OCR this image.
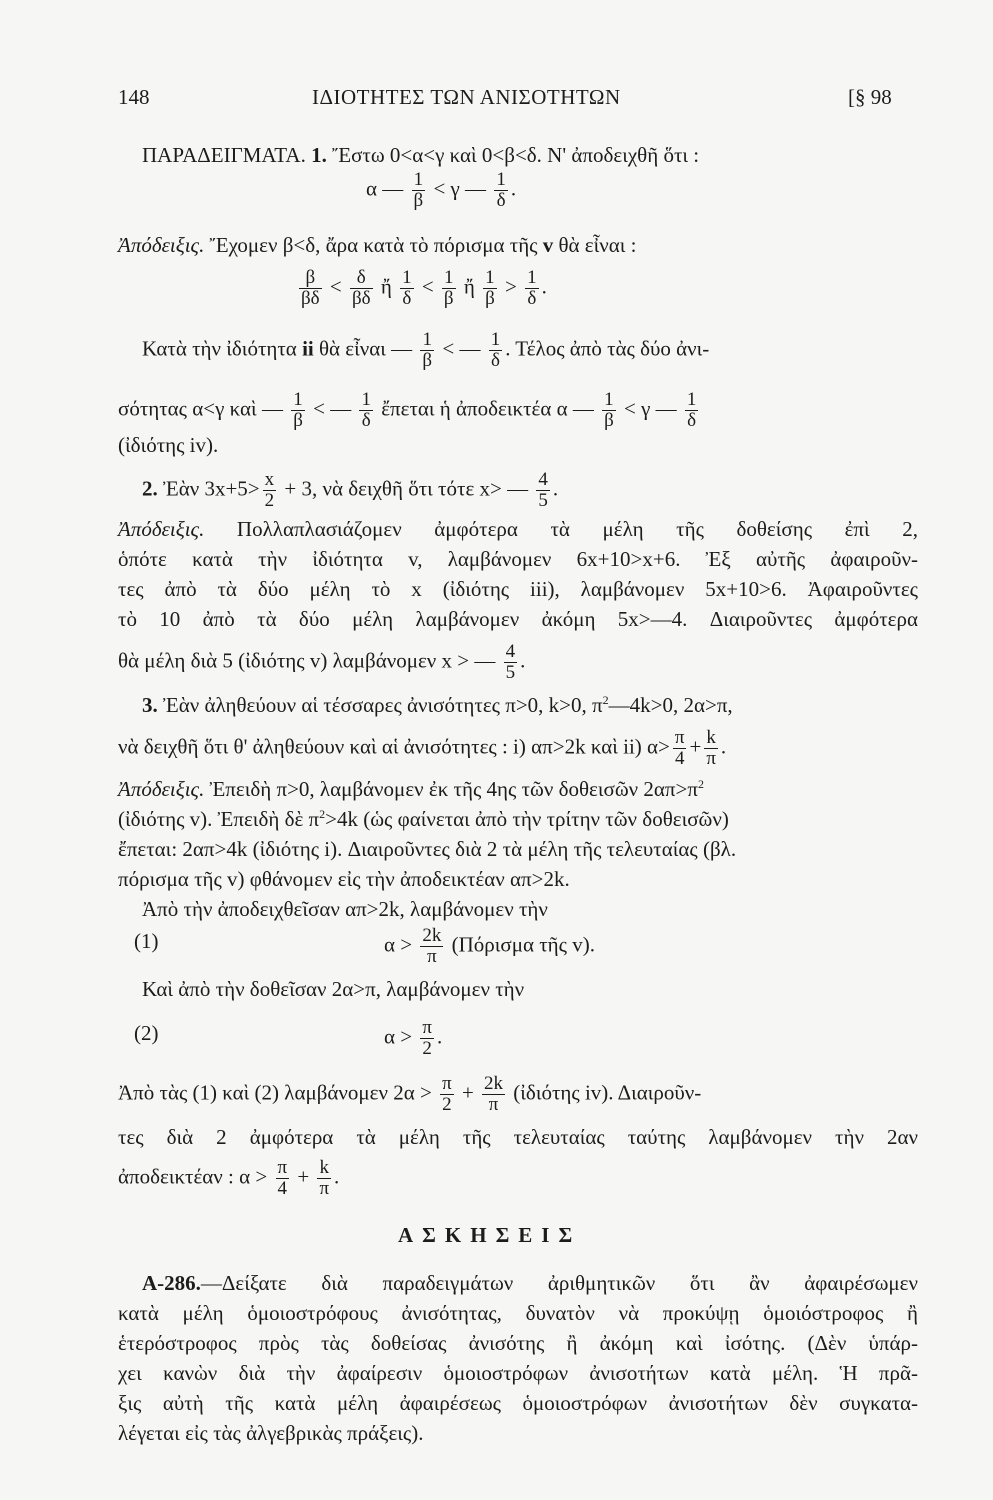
148	ΙΔΙΟΤΗΤΕΣ ΤΩΝ ΑΝΙΣΟΤΗΤΩΝ	[§ 98
ΠΑΡΑΔΕΙΓΜΑΤΑ. 1. Ἔστω 0<α<γ καὶ 0<β<δ. Ν' ἀποδειχθῆ ὅτι :
α — $\frac{1}{\beta} < \gamma$ — $\frac{1}{\delta}$ .
Ἀπόδειξις. Ἔχομεν β<δ, ἄρα κατὰ τὸ πόρισμα τῆς v θὰ εἶναι :
$\frac{\beta}{\beta\delta} < \frac{\delta}{\beta\delta}$ ἤ $\frac{1}{\delta} < \frac{1}{\beta}$ ἤ $\frac{1}{\beta} > \frac{1}{\delta}$ .
Κατὰ τὴν ἰδιότητα ii θὰ εἶναι — $\frac{1}{\beta}$ < — $\frac{1}{\delta}$ . Τέλος ἀπὸ τὰς δύο ἀνι-
σότητας α<γ καὶ — $\frac{1}{\beta}$ < — $\frac{1}{\delta}$ ἔπεται ἡ ἀποδεικτέα α — $\frac{1}{\beta} < \gamma$ — $\frac{1}{\delta}$
(ἰδιότης iv).
2. Ἐὰν $3x+5> \frac{x}{2} + 3$, νὰ δειχθῆ ὅτι τότε x> — $\frac{4}{5}$ .
Ἀπόδειξις. Πολλαπλασιάζομεν ἀμφότερα τὰ μέλη τῆς δοθείσης ἐπὶ 2,
ὁπότε κατὰ τὴν ἰδιότητα v, λαμβάνομεν 6x+10>x+6. Ἐξ αὐτῆς ἀφαιροῦν-
τες ἀπὸ τὰ δύο μέλη τὸ x (ἰδιότης iii), λαμβάνομεν 5x+10>6. Ἀφαιροῦντες
τὸ 10 ἀπὸ τὰ δύο μέλη λαμβάνομεν ἀκόμη 5x>—4. Διαιροῦντες ἀμφότερα
θὰ μέλη διὰ 5 (ἰδιότης v) λαμβάνομεν x > — $\frac{4}{5}$ .
3. Ἐὰν ἀληθεύουν αἱ τέσσαρες ἀνισότητες π>0, k>0, $\pi^2—4k>0$, 2α>π,
νὰ δειχθῆ ὅτι θ' ἀληθεύουν καὶ αἱ ἀνισότητες : i) απ>2k καὶ ii) $\alpha> \frac{\pi}{4} + \frac{k}{\pi}$ .
Ἀπόδειξις. Ἐπειδὴ π>0, λαμβάνομεν ἐκ τῆς 4ης τῶν δοθεισῶν $2\alpha\pi>\pi^2$
(ἰδιότης v). Ἐπειδὴ δὲ $\pi^2>4k$ (ὡς φαίνεται ἀπὸ τὴν τρίτην τῶν δοθεισῶν)
ἔπεται: 2απ>4k (ἰδιότης i). Διαιροῦντες διὰ 2 τὰ μέλη τῆς τελευταίας (βλ.
πόρισμα τῆς v) φθάνομεν εἰς τὴν ἀποδεικτέαν απ>2k.
Ἀπὸ τὴν ἀποδειχθεῖσαν απ>2k, λαμβάνομεν τὴν
(1)	$\alpha > \frac{2k}{\pi} (\Pi ό\rho\iota\sigma\mu\alpha$ τῆς v).
Καὶ ἀπὸ τὴν δοθεῖσαν 2α>π, λαμβάνομεν τὴν
(2)	$\alpha > \frac{\pi}{2}$ .
Ἀπὸ τὰς (1) καὶ (2) λαμβάνομεν $2\alpha > \frac{\pi}{2} + \frac{2k}{\pi}$ (ἰδιότης iv). Διαιροῦν-
τες διὰ 2 ἀμφότερα τὰ μέλη τῆς τελευταίας ταύτης λαμβάνομεν τὴν 2αν
ἀποδεικτέαν : $\alpha > \frac{\pi}{4} + \frac{k}{\pi}$ .
ΑΣΚΗΣΕΙΣ
Α-286.—Δείξατε διὰ παραδειγμάτων ἀριθμητικῶν ὅτι ἂν ἀφαιρέσωμεν
κατὰ μέλη ὁμοιοστρόφους ἀνισότητας, δυνατὸν νὰ προκύψῃ ὁμοιόστροφος ἢ
ἑτερόστροφος πρὸς τὰς δοθείσας ἀνισότης ἢ ἀκόμη καὶ ἰσότης. (Δὲν ὑπάρ-
χει κανὼν διὰ τὴν ἀφαίρεσιν ὁμοιοστρόφων ἀνισοτήτων κατὰ μέλη. Ἡ πρᾶ-
ξις αὐτὴ τῆς κατὰ μέλη ἀφαιρέσεως ὁμοιοστρόφων ἀνισοτήτων δὲν συγκατα-
λέγεται εἰς τὰς ἀλγεβρικὰς πράξεις).
